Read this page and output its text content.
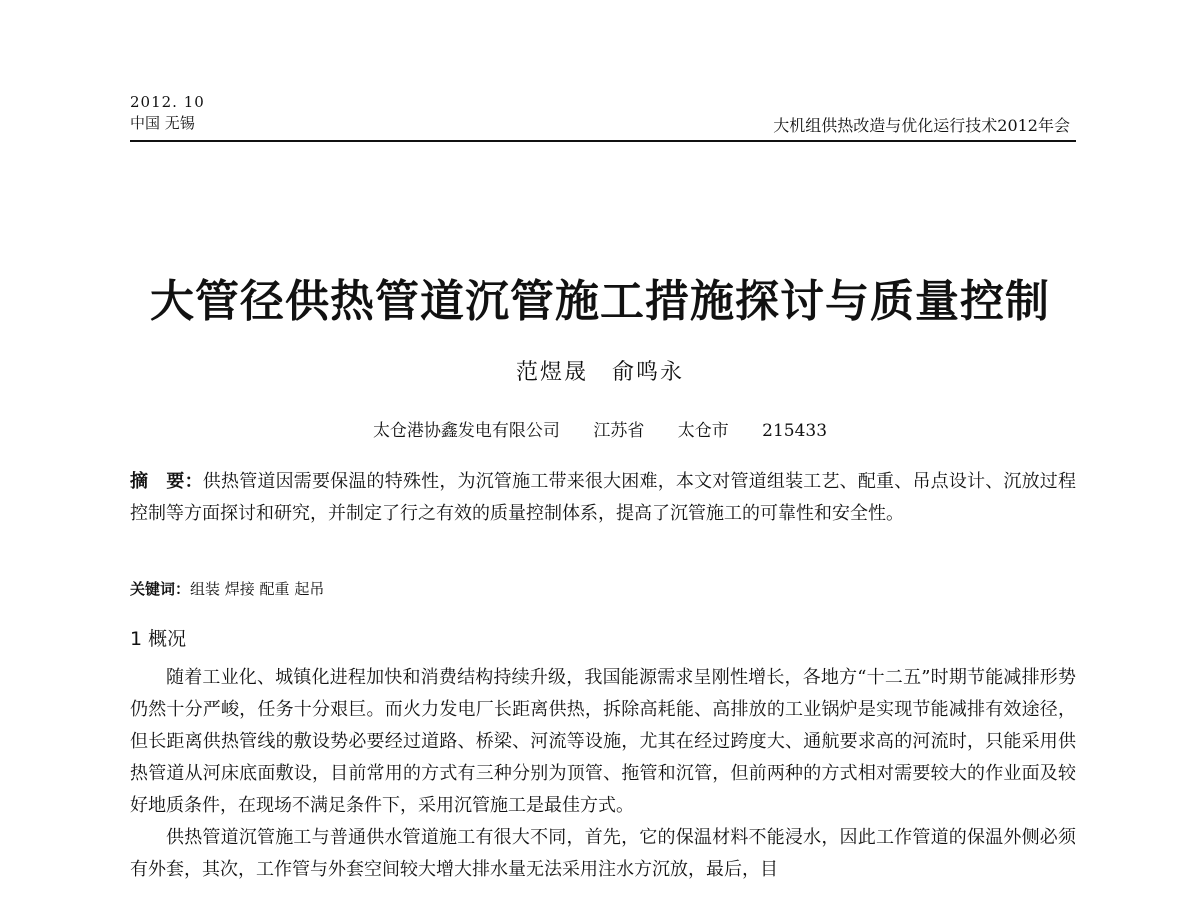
2012. 10
中国 无锡	大机组供热改造与优化运行技术2012年会
大管径供热管道沉管施工措施探讨与质量控制
范煜晟　俞鸣永
太仓港协鑫发电有限公司 江苏省 太仓市 215433
摘　要：供热管道因需要保温的特殊性，为沉管施工带来很大困难，本文对管道组装工艺、配重、吊点设计、沉放过程控制等方面探讨和研究，并制定了行之有效的质量控制体系，提高了沉管施工的可靠性和安全性。
关键词：组装 焊接 配重 起吊
1 概况

随着工业化、城镇化进程加快和消费结构持续升级，我国能源需求呈刚性增长，各地方“十二五”时期节能减排形势仍然十分严峻，任务十分艰巨。而火力发电厂长距离供热，拆除高耗能、高排放的工业锅炉是实现节能减排有效途径，但长距离供热管线的敷设势必要经过道路、桥梁、河流等设施，尤其在经过跨度大、通航要求高的河流时，只能采用供热管道从河床底面敷设，目前常用的方式有三种分别为顶管、拖管和沉管，但前两种的方式相对需要较大的作业面及较好地质条件，在现场不满足条件下，采用沉管施工是最佳方式。

供热管道沉管施工与普通供水管道施工有很大不同，首先，它的保温材料不能浸水，因此工作管道的保温外侧必须有外套，其次，工作管与外套空间较大增大排水量无法采用注水方沉放，最后，目
